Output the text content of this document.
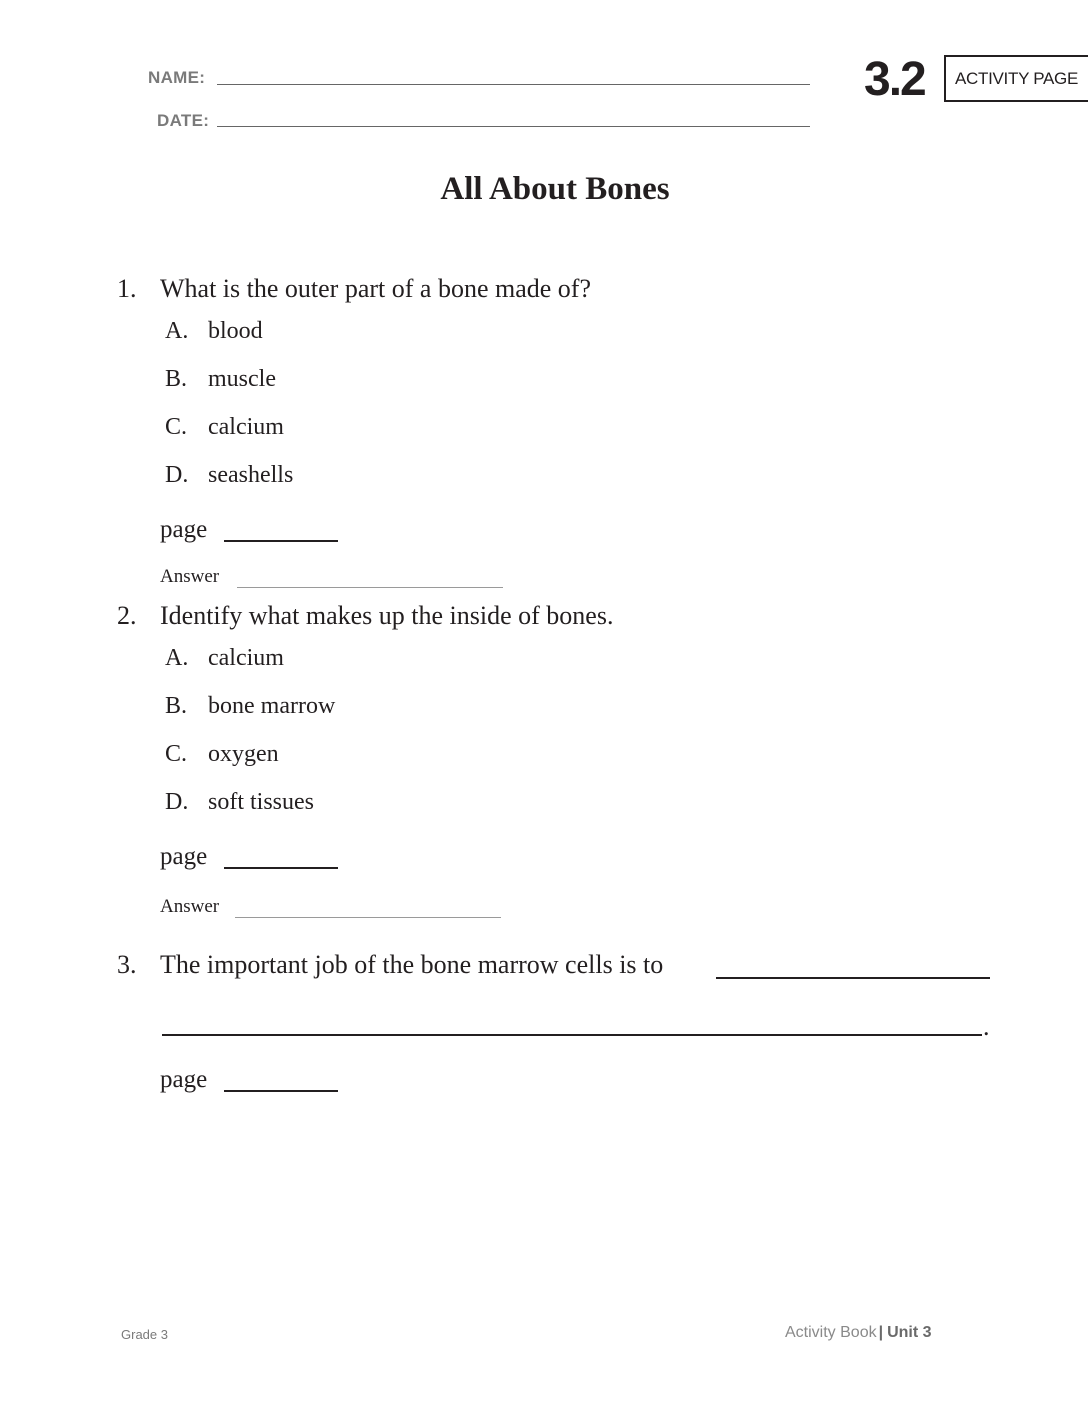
NAME:
DATE:
3.2 ACTIVITY PAGE
All About Bones
1. What is the outer part of a bone made of?
A. blood
B. muscle
C. calcium
D. seashells
page
Answer
2. Identify what makes up the inside of bones.
A. calcium
B. bone marrow
C. oxygen
D. soft tissues
page
Answer
3. The important job of the bone marrow cells is to
.
page
Grade 3	Activity Book | Unit 3
